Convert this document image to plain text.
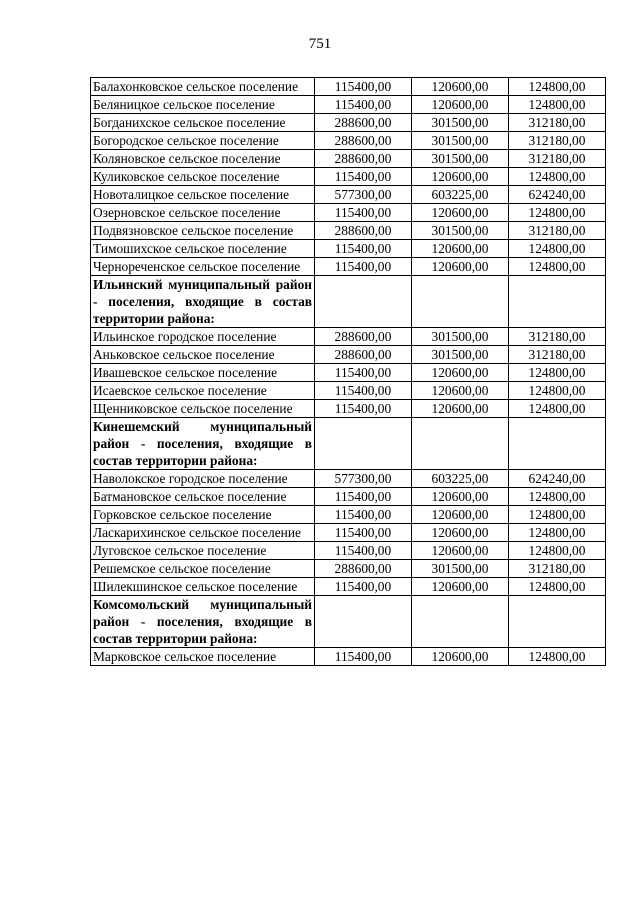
751
Балахонковское сельское поселение	115400,00	120600,00	124800,00
Беляницкое сельское поселение	115400,00	120600,00	124800,00
Богданихское сельское поселение	288600,00	301500,00	312180,00
Богородское сельское поселение	288600,00	301500,00	312180,00
Коляновское сельское поселение	288600,00	301500,00	312180,00
Куликовское сельское поселение	115400,00	120600,00	124800,00
Новоталицкое сельское поселение	577300,00	603225,00	624240,00
Озерновское сельское поселение	115400,00	120600,00	124800,00
Подвязновское сельское поселение	288600,00	301500,00	312180,00
Тимошихское сельское поселение	115400,00	120600,00	124800,00
Чернореченское сельское поселение	115400,00	120600,00	124800,00
Ильинский муниципальный район - поселения, входящие в состав территории района:			
Ильинское городское поселение	288600,00	301500,00	312180,00
Аньковское сельское поселение	288600,00	301500,00	312180,00
Ивашевское сельское поселение	115400,00	120600,00	124800,00
Исаевское сельское поселение	115400,00	120600,00	124800,00
Щенниковское сельское поселение	115400,00	120600,00	124800,00
Кинешемский муниципальный район - поселения, входящие в состав территории района:			
Наволокское городское поселение	577300,00	603225,00	624240,00
Батмановское сельское поселение	115400,00	120600,00	124800,00
Горковское сельское поселение	115400,00	120600,00	124800,00
Ласкарихинское сельское поселение	115400,00	120600,00	124800,00
Луговское сельское поселение	115400,00	120600,00	124800,00
Решемское сельское поселение	288600,00	301500,00	312180,00
Шилекшинское сельское поселение	115400,00	120600,00	124800,00
Комсомольский муниципальный район - поселения, входящие в состав территории района:			
Марковское сельское поселение	115400,00	120600,00	124800,00
